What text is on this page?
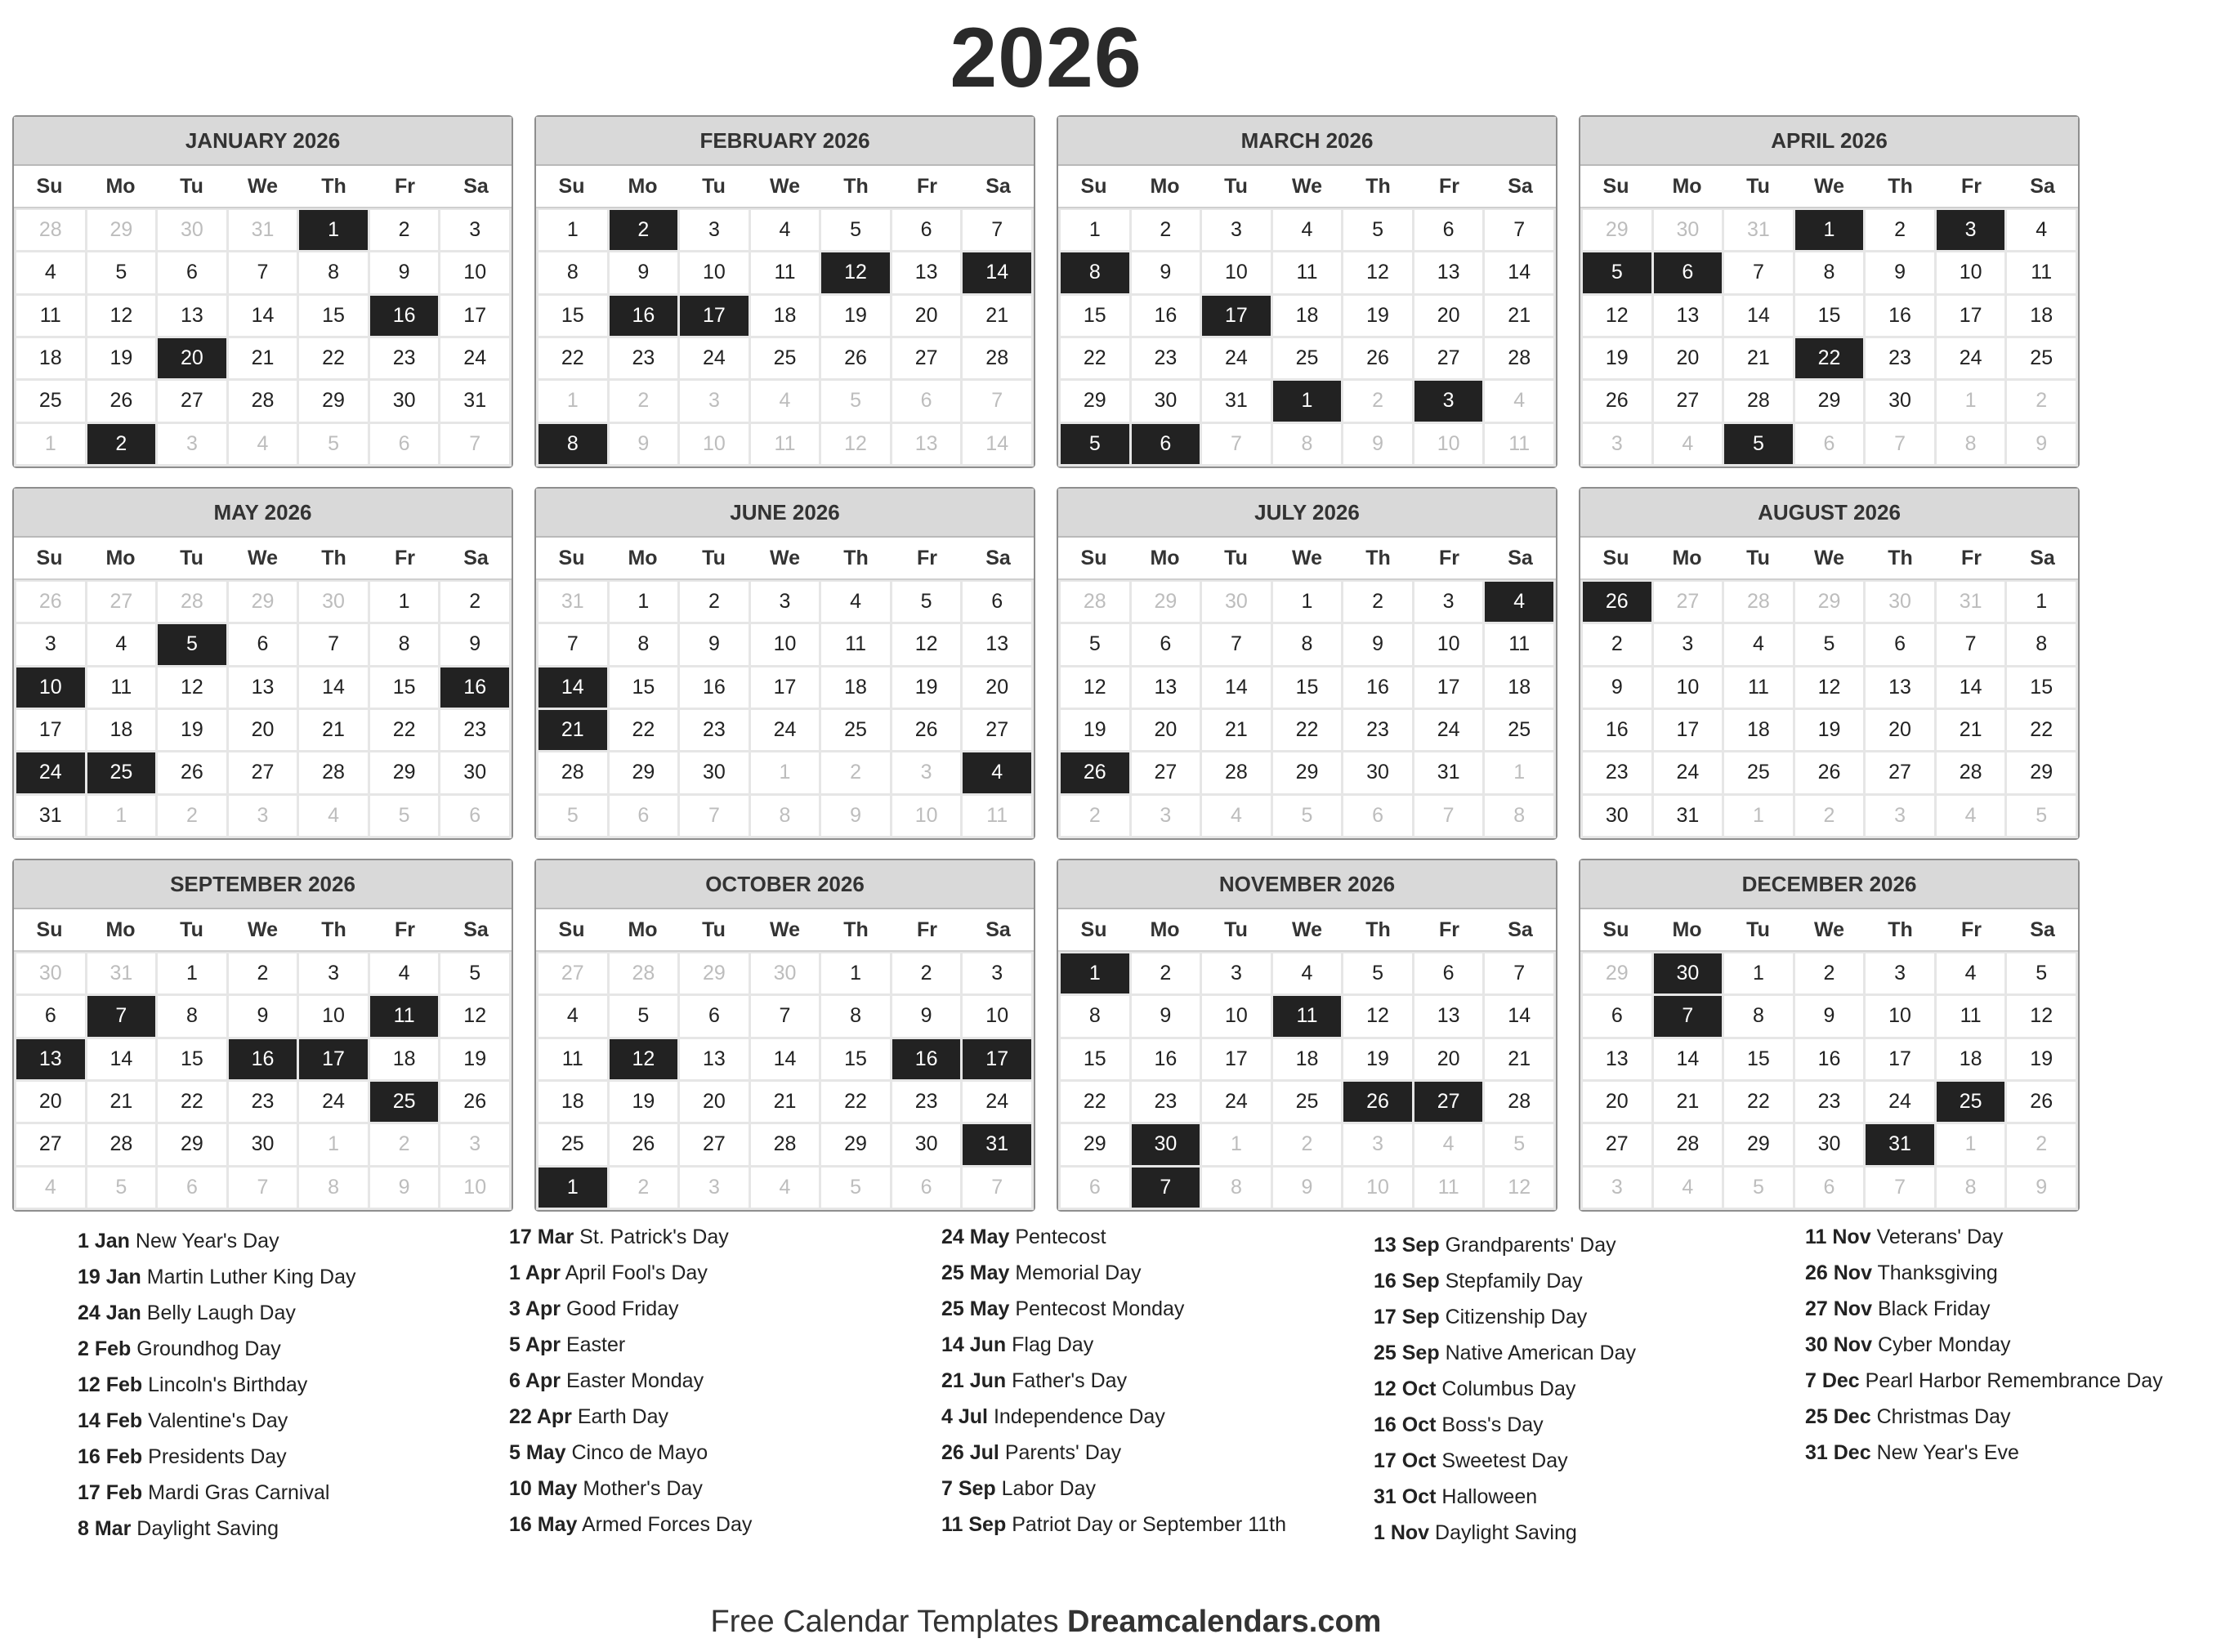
2026
JANUARY 2026
Su	Mo	Tu	We	Th	Fr	Sa
28	29	30	31	1	2	3
4	5	6	7	8	9	10
11	12	13	14	15	16	17
18	19	20	21	22	23	24
25	26	27	28	29	30	31
1	2	3	4	5	6	7
FEBRUARY 2026
Su	Mo	Tu	We	Th	Fr	Sa
1	2	3	4	5	6	7
8	9	10	11	12	13	14
15	16	17	18	19	20	21
22	23	24	25	26	27	28
1	2	3	4	5	6	7
8	9	10	11	12	13	14
MARCH 2026
Su	Mo	Tu	We	Th	Fr	Sa
1	2	3	4	5	6	7
8	9	10	11	12	13	14
15	16	17	18	19	20	21
22	23	24	25	26	27	28
29	30	31	1	2	3	4
5	6	7	8	9	10	11
APRIL 2026
Su	Mo	Tu	We	Th	Fr	Sa
29	30	31	1	2	3	4
5	6	7	8	9	10	11
12	13	14	15	16	17	18
19	20	21	22	23	24	25
26	27	28	29	30	1	2
3	4	5	6	7	8	9
MAY 2026
Su	Mo	Tu	We	Th	Fr	Sa
26	27	28	29	30	1	2
3	4	5	6	7	8	9
10	11	12	13	14	15	16
17	18	19	20	21	22	23
24	25	26	27	28	29	30
31	1	2	3	4	5	6
JUNE 2026
Su	Mo	Tu	We	Th	Fr	Sa
31	1	2	3	4	5	6
7	8	9	10	11	12	13
14	15	16	17	18	19	20
21	22	23	24	25	26	27
28	29	30	1	2	3	4
5	6	7	8	9	10	11
JULY 2026
Su	Mo	Tu	We	Th	Fr	Sa
28	29	30	1	2	3	4
5	6	7	8	9	10	11
12	13	14	15	16	17	18
19	20	21	22	23	24	25
26	27	28	29	30	31	1
2	3	4	5	6	7	8
AUGUST 2026
Su	Mo	Tu	We	Th	Fr	Sa
26	27	28	29	30	31	1
2	3	4	5	6	7	8
9	10	11	12	13	14	15
16	17	18	19	20	21	22
23	24	25	26	27	28	29
30	31	1	2	3	4	5
SEPTEMBER 2026
Su	Mo	Tu	We	Th	Fr	Sa
30	31	1	2	3	4	5
6	7	8	9	10	11	12
13	14	15	16	17	18	19
20	21	22	23	24	25	26
27	28	29	30	1	2	3
4	5	6	7	8	9	10
OCTOBER 2026
Su	Mo	Tu	We	Th	Fr	Sa
27	28	29	30	1	2	3
4	5	6	7	8	9	10
11	12	13	14	15	16	17
18	19	20	21	22	23	24
25	26	27	28	29	30	31
1	2	3	4	5	6	7
NOVEMBER 2026
Su	Mo	Tu	We	Th	Fr	Sa
1	2	3	4	5	6	7
8	9	10	11	12	13	14
15	16	17	18	19	20	21
22	23	24	25	26	27	28
29	30	1	2	3	4	5
6	7	8	9	10	11	12
DECEMBER 2026
Su	Mo	Tu	We	Th	Fr	Sa
29	30	1	2	3	4	5
6	7	8	9	10	11	12
13	14	15	16	17	18	19
20	21	22	23	24	25	26
27	28	29	30	31	1	2
3	4	5	6	7	8	9
1 Jan New Year's Day
19 Jan Martin Luther King Day
24 Jan Belly Laugh Day
2 Feb Groundhog Day
12 Feb Lincoln's Birthday
14 Feb Valentine's Day
16 Feb Presidents Day
17 Feb Mardi Gras Carnival
8 Mar Daylight Saving
17 Mar St. Patrick's Day
1 Apr April Fool's Day
3 Apr Good Friday
5 Apr Easter
6 Apr Easter Monday
22 Apr Earth Day
5 May Cinco de Mayo
10 May Mother's Day
16 May Armed Forces Day
24 May Pentecost
25 May Memorial Day
25 May Pentecost Monday
14 Jun Flag Day
21 Jun Father's Day
4 Jul Independence Day
26 Jul Parents' Day
7 Sep Labor Day
11 Sep Patriot Day or September 11th
13 Sep Grandparents' Day
16 Sep Stepfamily Day
17 Sep Citizenship Day
25 Sep Native American Day
12 Oct Columbus Day
16 Oct Boss's Day
17 Oct Sweetest Day
31 Oct Halloween
1 Nov Daylight Saving
11 Nov Veterans' Day
26 Nov Thanksgiving
27 Nov Black Friday
30 Nov Cyber Monday
7 Dec Pearl Harbor Remembrance Day
25 Dec Christmas Day
31 Dec New Year's Eve
Free Calendar Templates Dreamcalendars.com
